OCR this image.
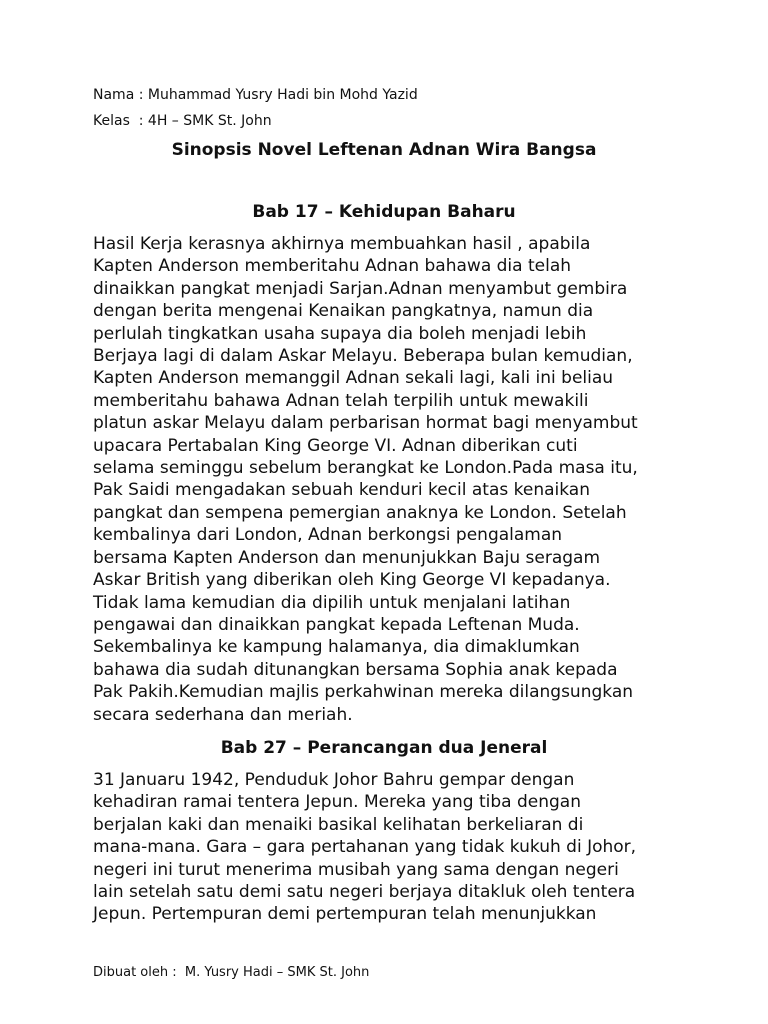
Nama : Muhammad Yusry Hadi bin Mohd Yazid
Kelas  : 4H – SMK St. John
Sinopsis Novel Leftenan Adnan Wira Bangsa
Bab 17 – Kehidupan Baharu
Hasil Kerja kerasnya akhirnya membuahkan hasil , apabila
Kapten Anderson memberitahu Adnan bahawa dia telah
dinaikkan pangkat menjadi Sarjan.Adnan menyambut gembira
dengan berita mengenai Kenaikan pangkatnya, namun dia
perlulah tingkatkan usaha supaya dia boleh menjadi lebih
Berjaya lagi di dalam Askar Melayu. Beberapa bulan kemudian,
Kapten Anderson memanggil Adnan sekali lagi, kali ini beliau
memberitahu bahawa Adnan telah terpilih untuk mewakili
platun askar Melayu dalam perbarisan hormat bagi menyambut
upacara Pertabalan King George VI. Adnan diberikan cuti
selama seminggu sebelum berangkat ke London.Pada masa itu,
Pak Saidi mengadakan sebuah kenduri kecil atas kenaikan
pangkat dan sempena pemergian anaknya ke London. Setelah
kembalinya dari London, Adnan berkongsi pengalaman
bersama Kapten Anderson dan menunjukkan Baju seragam
Askar British yang diberikan oleh King George VI kepadanya.
Tidak lama kemudian dia dipilih untuk menjalani latihan
pengawai dan dinaikkan pangkat kepada Leftenan Muda.
Sekembalinya ke kampung halamanya, dia dimaklumkan
bahawa dia sudah ditunangkan bersama Sophia anak kepada
Pak Pakih.Kemudian majlis perkahwinan mereka dilangsungkan
secara sederhana dan meriah.
Bab 27 – Perancangan dua Jeneral
31 Januaru 1942, Penduduk Johor Bahru gempar dengan
kehadiran ramai tentera Jepun. Mereka yang tiba dengan
berjalan kaki dan menaiki basikal kelihatan berkeliaran di
mana-mana. Gara – gara pertahanan yang tidak kukuh di Johor,
negeri ini turut menerima musibah yang sama dengan negeri
lain setelah satu demi satu negeri berjaya ditakluk oleh tentera
Jepun. Pertempuran demi pertempuran telah menunjukkan
Dibuat oleh :  M. Yusry Hadi – SMK St. John
